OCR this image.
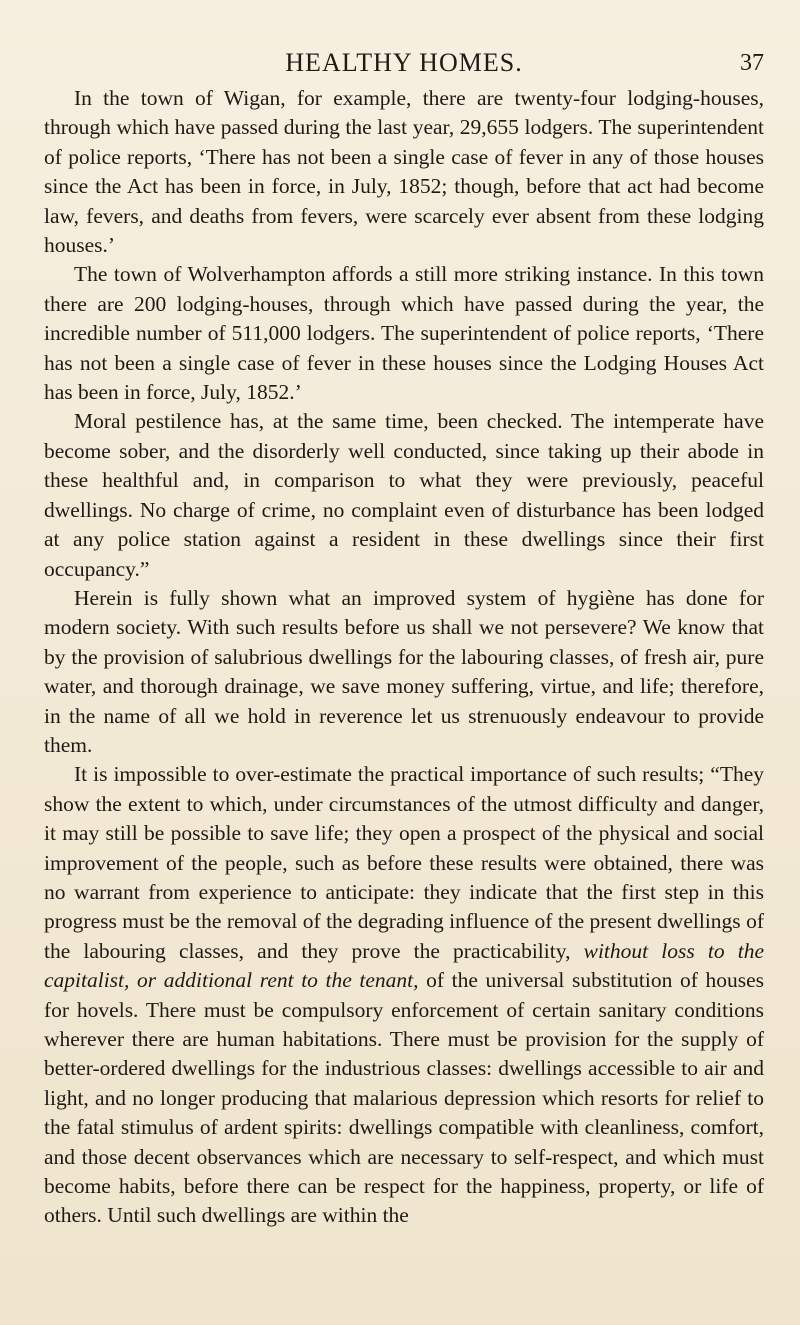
HEALTHY HOMES.	37

In the town of Wigan, for example, there are twenty-four lodging-houses, through which have passed during the last year, 29,655 lodgers. The superintendent of police reports, ‘There has not been a single case of fever in any of those houses since the Act has been in force, in July, 1852; though, before that act had become law, fevers, and deaths from fevers, were scarcely ever absent from these lodging houses.’

The town of Wolverhampton affords a still more striking instance. In this town there are 200 lodging-houses, through which have passed during the year, the incredible number of 511,000 lodgers. The superintendent of police reports, ‘There has not been a single case of fever in these houses since the Lodging Houses Act has been in force, July, 1852.’

Moral pestilence has, at the same time, been checked. The intemperate have become sober, and the disorderly well conducted, since taking up their abode in these healthful and, in comparison to what they were previously, peaceful dwellings. No charge of crime, no complaint even of disturbance has been lodged at any police station against a resident in these dwellings since their first occupancy.”

Herein is fully shown what an improved system of hygiène has done for modern society. With such results before us shall we not persevere? We know that by the provision of salubrious dwellings for the labouring classes, of fresh air, pure water, and thorough drainage, we save money suffering, virtue, and life; therefore, in the name of all we hold in reverence let us strenuously endeavour to provide them.

It is impossible to over-estimate the practical importance of such results; “They show the extent to which, under circumstances of the utmost difficulty and danger, it may still be possible to save life; they open a prospect of the physical and social improvement of the people, such as before these results were obtained, there was no warrant from experience to anticipate: they indicate that the first step in this progress must be the removal of the degrading influence of the present dwellings of the labouring classes, and they prove the practicability, without loss to the capitalist, or additional rent to the tenant, of the universal substitution of houses for hovels. There must be compulsory enforcement of certain sanitary conditions wherever there are human habitations. There must be provision for the supply of better-ordered dwellings for the industrious classes: dwellings accessible to air and light, and no longer producing that malarious depression which resorts for relief to the fatal stimulus of ardent spirits: dwellings compatible with cleanliness, comfort, and those decent observances which are necessary to self-respect, and which must become habits, before there can be respect for the happiness, property, or life of others. Until such dwellings are within the
